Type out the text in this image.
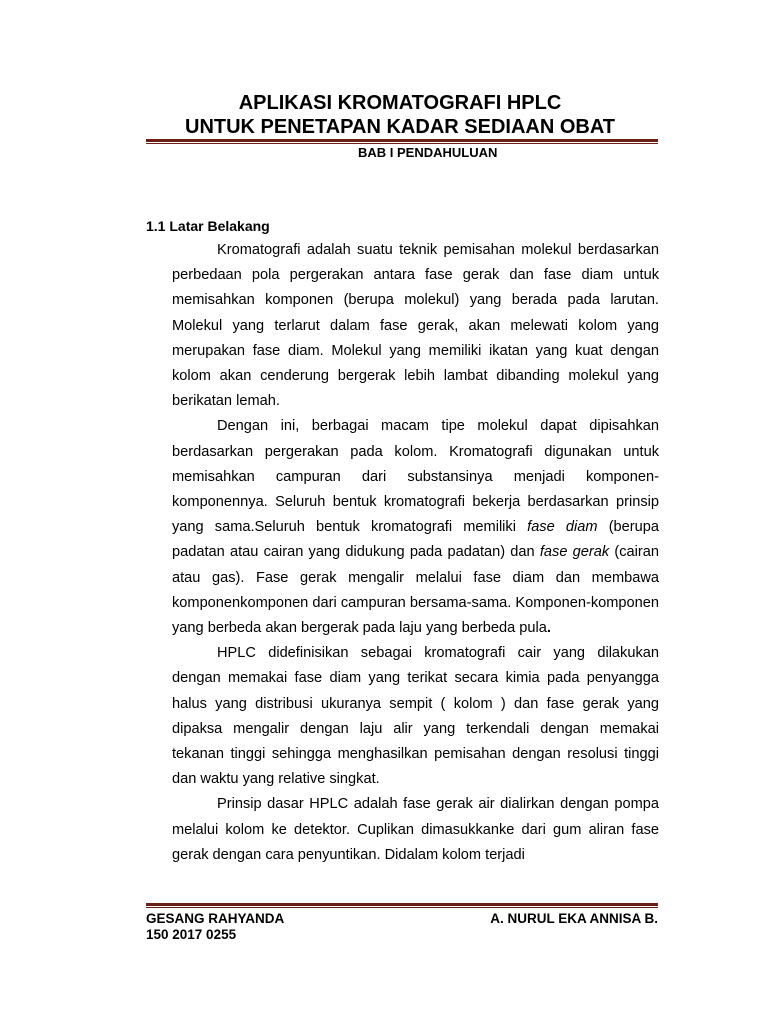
APLIKASI KROMATOGRAFI HPLC
UNTUK PENETAPAN KADAR SEDIAAN OBAT
BAB I PENDAHULUAN
1.1 Latar Belakang

Kromatografi adalah suatu teknik pemisahan molekul berdasarkan perbedaan pola pergerakan antara fase gerak dan fase diam untuk memisahkan komponen (berupa molekul) yang berada pada larutan. Molekul yang terlarut dalam fase gerak, akan melewati kolom yang merupakan fase diam. Molekul yang memiliki ikatan yang kuat dengan kolom akan cenderung bergerak lebih lambat dibanding molekul yang berikatan lemah.

Dengan ini, berbagai macam tipe molekul dapat dipisahkan berdasarkan pergerakan pada kolom. Kromatografi digunakan untuk memisahkan campuran dari substansinya menjadi komponen-komponennya. Seluruh bentuk kromatografi bekerja berdasarkan prinsip yang sama.Seluruh bentuk kromatografi memiliki fase diam (berupa padatan atau cairan yang didukung pada padatan) dan fase gerak (cairan atau gas). Fase gerak mengalir melalui fase diam dan membawa komponenkomponen dari campuran bersama-sama. Komponen-komponen yang berbeda akan bergerak pada laju yang berbeda pula.

HPLC didefinisikan sebagai kromatografi cair yang dilakukan dengan memakai fase diam yang terikat secara kimia pada penyangga halus yang distribusi ukuranya sempit ( kolom ) dan fase gerak yang dipaksa mengalir dengan laju alir yang terkendali dengan memakai tekanan tinggi sehingga menghasilkan pemisahan dengan resolusi tinggi dan waktu yang relative singkat.

Prinsip dasar HPLC adalah fase gerak air dialirkan dengan pompa melalui kolom ke detektor. Cuplikan dimasukkanke dari gum aliran fase gerak dengan cara penyuntikan. Didalam kolom terjadi

GESANG RAHYANDA
150 2017 0255
A. NURUL EKA ANNISA B.
